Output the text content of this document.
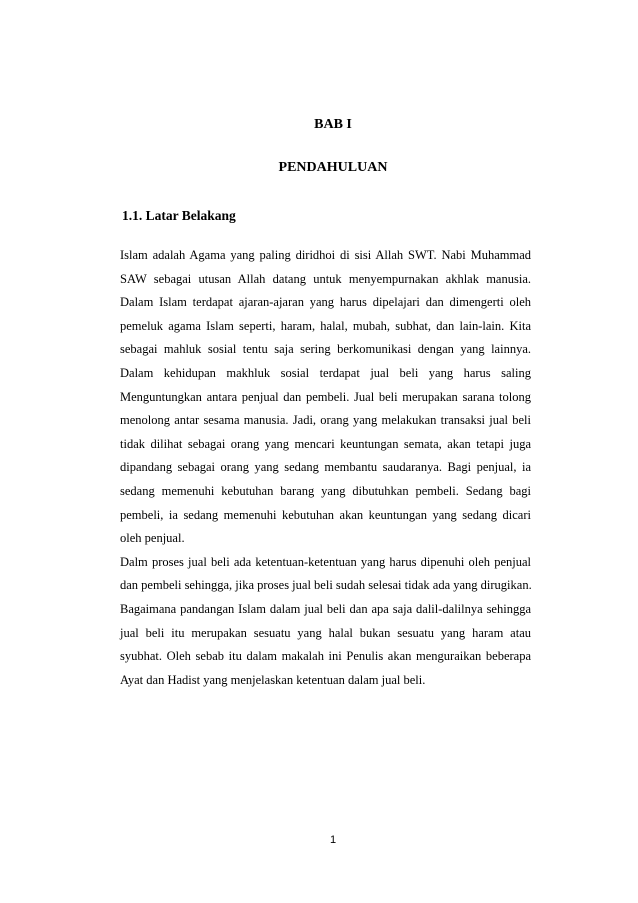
BAB I
PENDAHULUAN
1.1. Latar Belakang
Islam adalah Agama yang paling diridhoi di sisi Allah SWT. Nabi Muhammad
SAW sebagai utusan Allah datang untuk menyempurnakan akhlak manusia.
Dalam Islam terdapat ajaran-ajaran yang harus dipelajari dan dimengerti oleh
pemeluk agama Islam seperti, haram, halal, mubah, subhat, dan lain-lain. Kita
sebagai mahluk sosial tentu saja sering berkomunikasi dengan yang lainnya.
Dalam kehidupan makhluk sosial terdapat jual beli yang harus saling
Menguntungkan antara penjual dan pembeli. Jual beli merupakan sarana tolong
menolong antar sesama manusia. Jadi, orang yang melakukan transaksi jual beli
tidak dilihat sebagai orang yang mencari keuntungan semata, akan tetapi juga
dipandang sebagai orang yang sedang membantu saudaranya. Bagi penjual, ia
sedang memenuhi kebutuhan barang yang dibutuhkan pembeli. Sedang bagi
pembeli, ia sedang memenuhi kebutuhan akan keuntungan yang sedang dicari
oleh penjual.
Dalm proses jual beli ada ketentuan-ketentuan yang harus dipenuhi oleh penjual
dan pembeli sehingga, jika proses jual beli sudah selesai tidak ada yang dirugikan.
Bagaimana pandangan Islam dalam jual beli dan apa saja dalil-dalilnya sehingga
jual beli itu merupakan sesuatu yang halal bukan sesuatu yang haram atau
syubhat. Oleh sebab itu dalam makalah ini Penulis akan menguraikan beberapa
Ayat dan Hadist yang menjelaskan ketentuan dalam jual beli.
1
